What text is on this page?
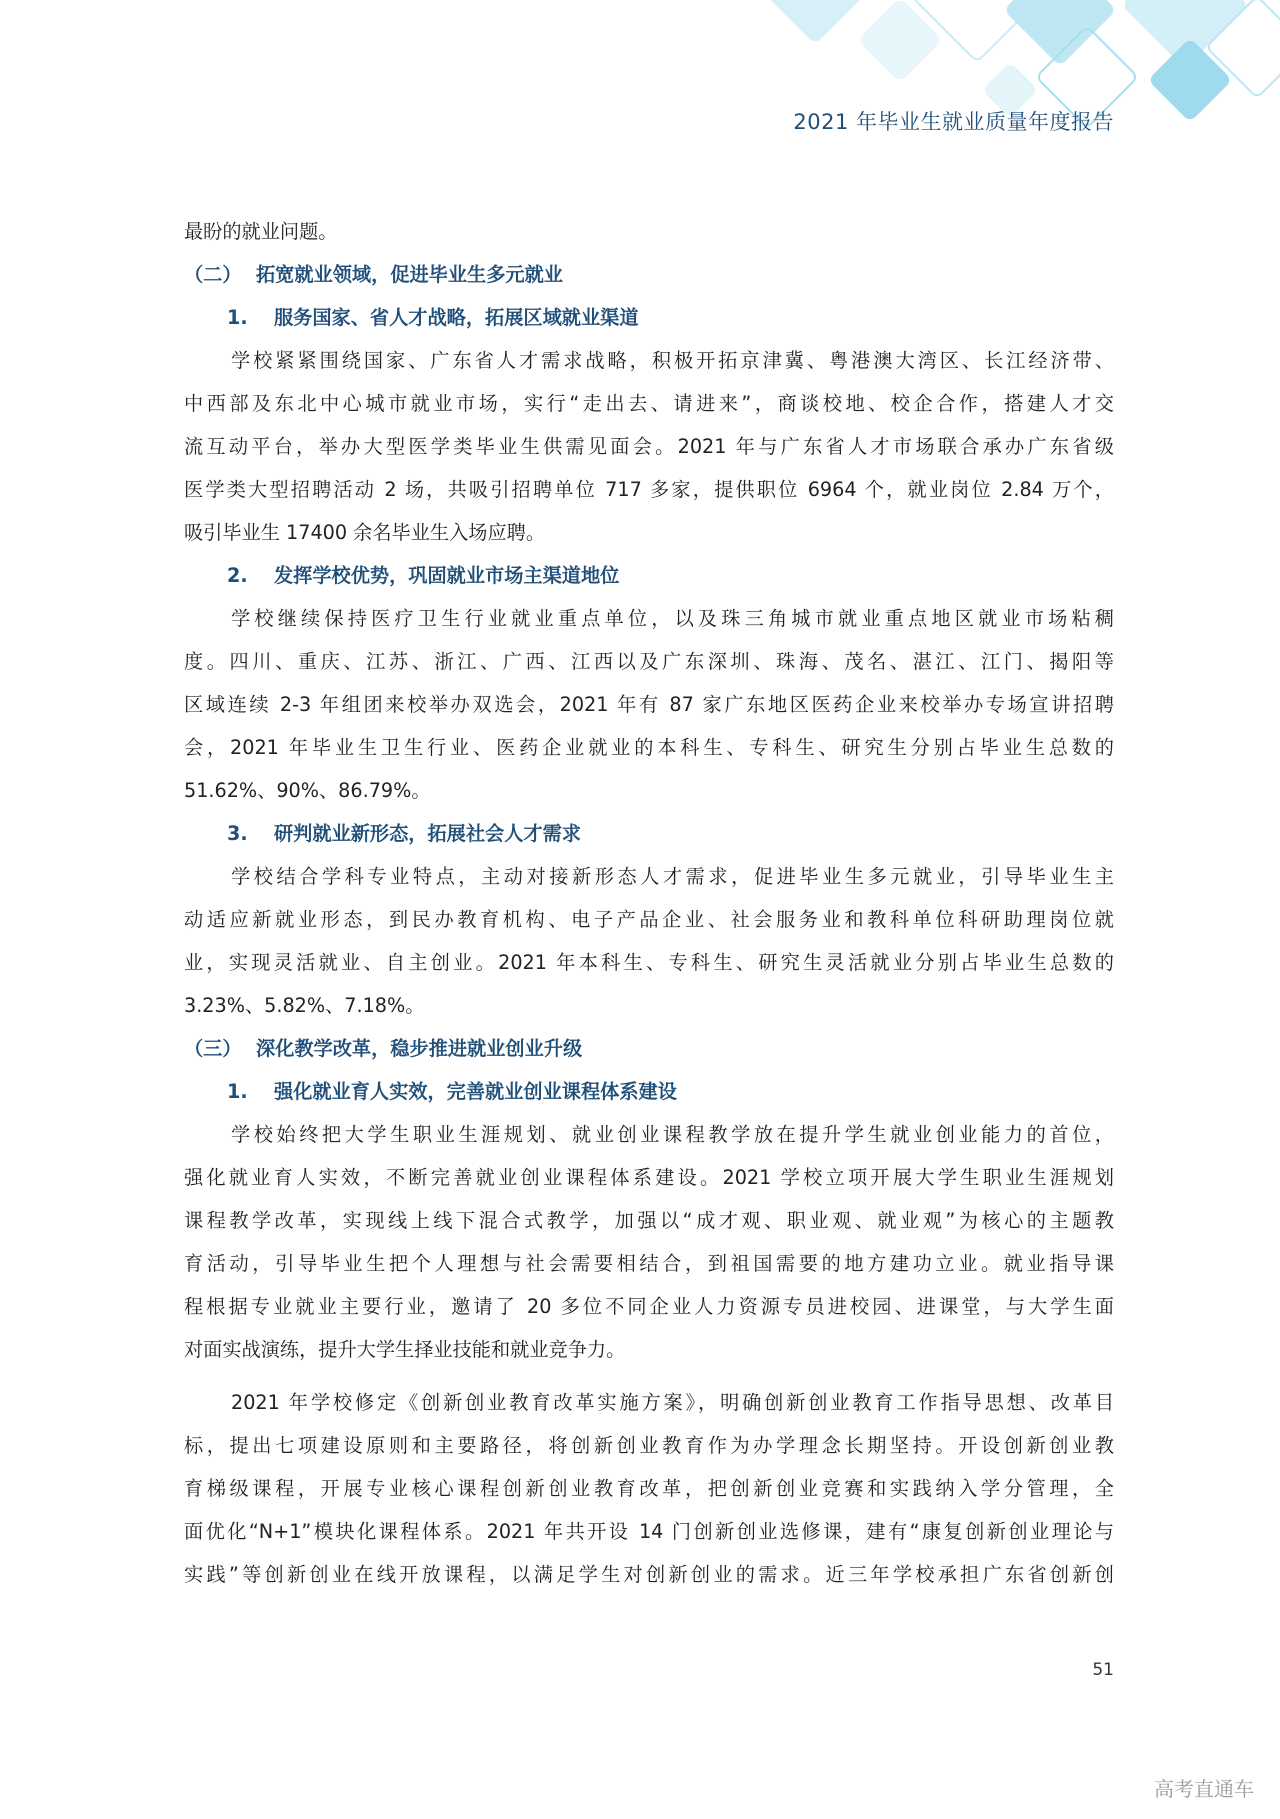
2021 年毕业生就业质量年度报告
最盼的就业问题。
（二） 拓宽就业领域，促进毕业生多元就业
1. 服务国家、省人才战略，拓展区域就业渠道
学校紧紧围绕国家、广东省人才需求战略，积极开拓京津冀、粤港澳大湾区、长江经济带、
中西部及东北中心城市就业市场，实行“走出去、请进来”，商谈校地、校企合作，搭建人才交
流互动平台，举办大型医学类毕业生供需见面会。2021 年与广东省人才市场联合承办广东省级
医学类大型招聘活动 2 场，共吸引招聘单位 717 多家，提供职位 6964 个，就业岗位 2.84 万个，
吸引毕业生 17400 余名毕业生入场应聘。
2. 发挥学校优势，巩固就业市场主渠道地位
学校继续保持医疗卫生行业就业重点单位，以及珠三角城市就业重点地区就业市场粘稠
度。四川、重庆、江苏、浙江、广西、江西以及广东深圳、珠海、茂名、湛江、江门、揭阳等
区域连续 2-3 年组团来校举办双选会，2021 年有 87 家广东地区医药企业来校举办专场宣讲招聘
会，2021 年毕业生卫生行业、医药企业就业的本科生、专科生、研究生分别占毕业生总数的
51.62%、90%、86.79%。
3. 研判就业新形态，拓展社会人才需求
学校结合学科专业特点，主动对接新形态人才需求，促进毕业生多元就业，引导毕业生主
动适应新就业形态，到民办教育机构、电子产品企业、社会服务业和教科单位科研助理岗位就
业，实现灵活就业、自主创业。2021 年本科生、专科生、研究生灵活就业分别占毕业生总数的
3.23%、5.82%、7.18%。
（三） 深化教学改革，稳步推进就业创业升级
1. 强化就业育人实效，完善就业创业课程体系建设
学校始终把大学生职业生涯规划、就业创业课程教学放在提升学生就业创业能力的首位，
强化就业育人实效，不断完善就业创业课程体系建设。2021 学校立项开展大学生职业生涯规划
课程教学改革，实现线上线下混合式教学，加强以“成才观、职业观、就业观”为核心的主题教
育活动，引导毕业生把个人理想与社会需要相结合，到祖国需要的地方建功立业。就业指导课
程根据专业就业主要行业，邀请了 20 多位不同企业人力资源专员进校园、进课堂，与大学生面
对面实战演练，提升大学生择业技能和就业竞争力。
2021 年学校修定《创新创业教育改革实施方案》，明确创新创业教育工作指导思想、改革目
标，提出七项建设原则和主要路径，将创新创业教育作为办学理念长期坚持。开设创新创业教
育梯级课程，开展专业核心课程创新创业教育改革，把创新创业竞赛和实践纳入学分管理，全
面优化“N+1”模块化课程体系。2021 年共开设 14 门创新创业选修课，建有“康复创新创业理论与
实践”等创新创业在线开放课程，以满足学生对创新创业的需求。近三年学校承担广东省创新创
51
高考直通车
